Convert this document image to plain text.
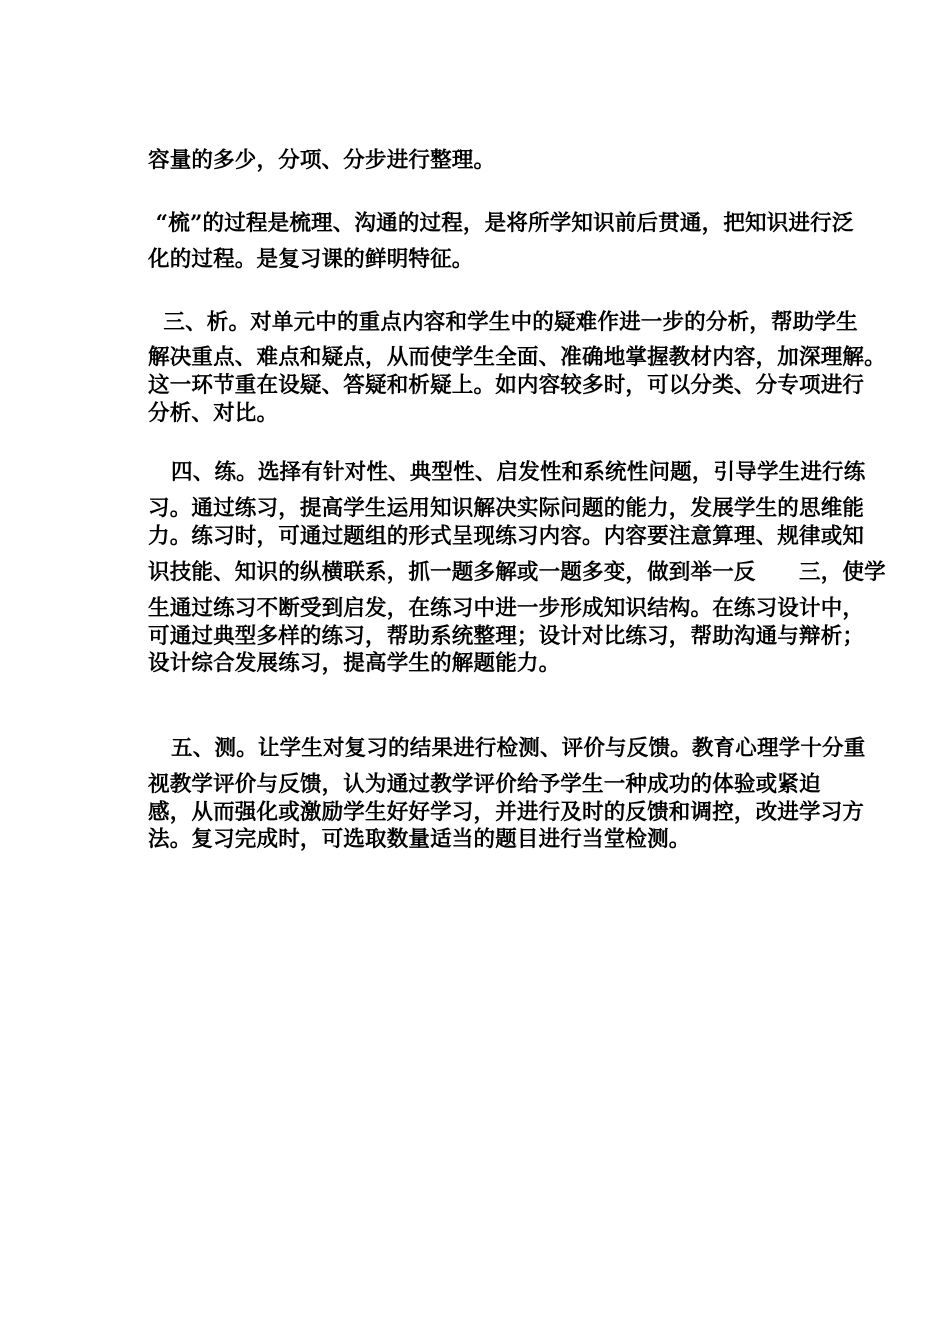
容量的多少，分项、分步进行整理。
“梳”的过程是梳理、沟通的过程，是将所学知识前后贯通，把知识进行泛
化的过程。是复习课的鲜明特征。
三、析。对单元中的重点内容和学生中的疑难作进一步的分析，帮助学生
解决重点、难点和疑点，从而使学生全面、准确地掌握教材内容，加深理解。
这一环节重在设疑、答疑和析疑上。如内容较多时，可以分类、分专项进行
分析、对比。
四、练。选择有针对性、典型性、启发性和系统性问题，引导学生进行练
习。通过练习，提高学生运用知识解决实际问题的能力，发展学生的思维能
力。练习时，可通过题组的形式呈现练习内容。内容要注意算理、规律或知
识技能、知识的纵横联系，抓一题多解或一题多变，做到举一反　　三，使学
生通过练习不断受到启发，在练习中进一步形成知识结构。在练习设计中，
可通过典型多样的练习，帮助系统整理；设计对比练习，帮助沟通与辩析；
设计综合发展练习，提高学生的解题能力。
五、测。让学生对复习的结果进行检测、评价与反馈。教育心理学十分重
视教学评价与反馈，认为通过教学评价给予学生一种成功的体验或紧迫
感，从而强化或激励学生好好学习，并进行及时的反馈和调控，改进学习方
法。复习完成时，可选取数量适当的题目进行当堂检测。
